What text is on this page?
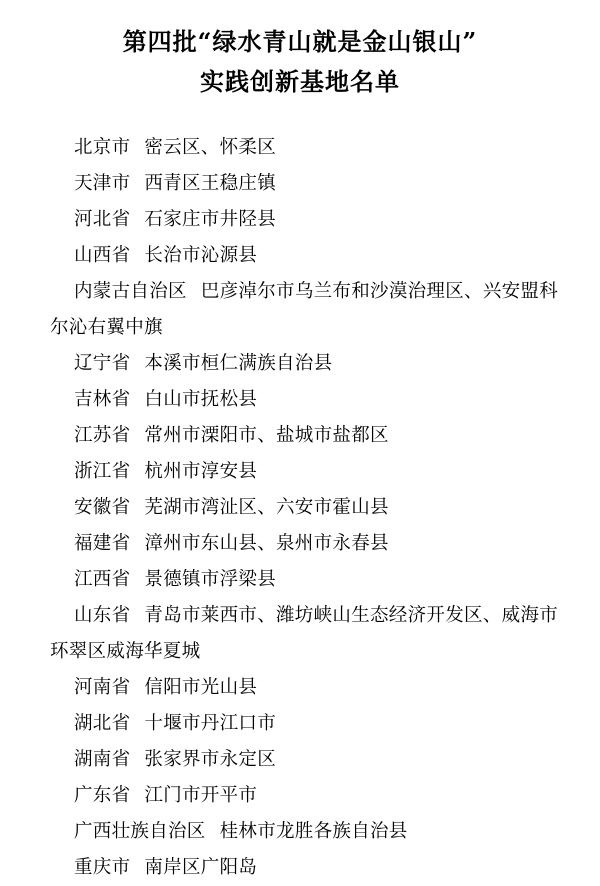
第四批“绿水青山就是金山银山”
实践创新基地名单
北京市 密云区、怀柔区
天津市 西青区王稳庄镇
河北省 石家庄市井陉县
山西省 长治市沁源县
内蒙古自治区 巴彦淖尔市乌兰布和沙漠治理区、兴安盟科尔沁右翼中旗
辽宁省 本溪市桓仁满族自治县
吉林省 白山市抚松县
江苏省 常州市溧阳市、盐城市盐都区
浙江省 杭州市淳安县
安徽省 芜湖市湾沚区、六安市霍山县
福建省 漳州市东山县、泉州市永春县
江西省 景德镇市浮梁县
山东省 青岛市莱西市、潍坊峡山生态经济开发区、威海市环翠区威海华夏城
河南省 信阳市光山县
湖北省 十堰市丹江口市
湖南省 张家界市永定区
广东省 江门市开平市
广西壮族自治区 桂林市龙胜各族自治县
重庆市 南岸区广阳岛
